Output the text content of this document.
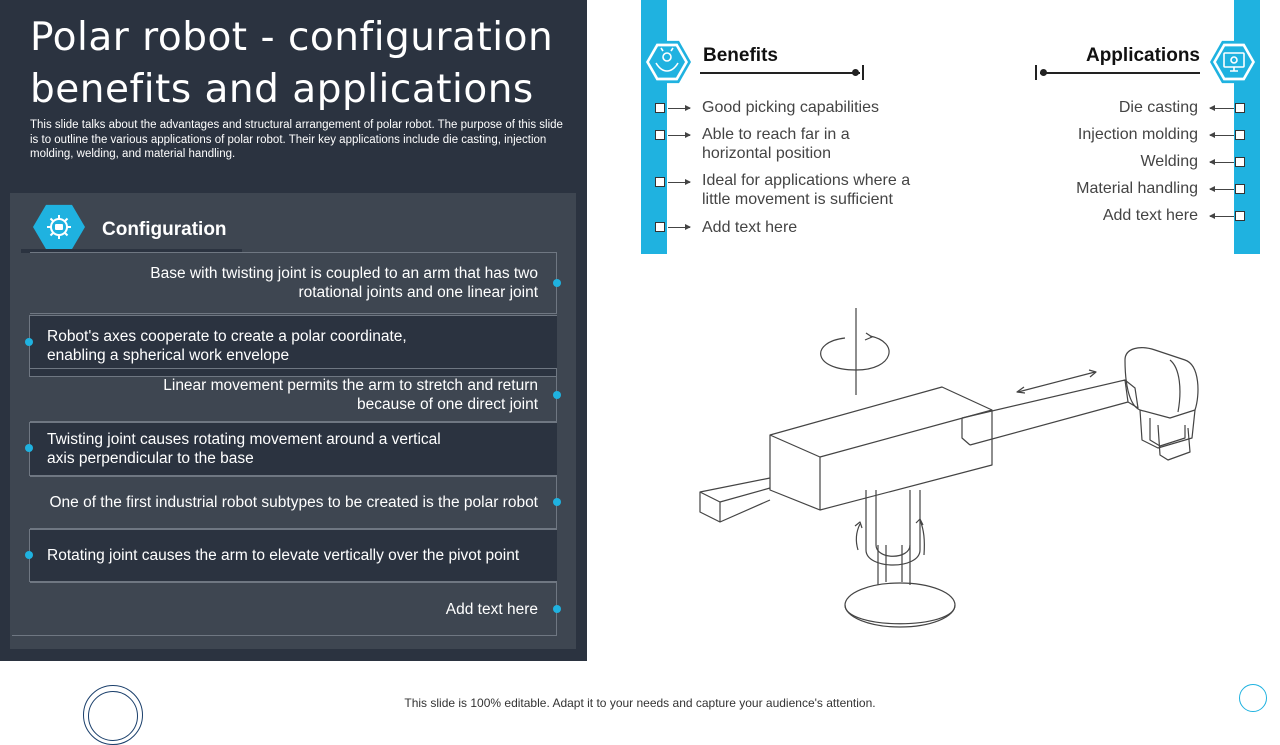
Polar robot - configuration benefits and applications
This slide talks about the advantages and structural arrangement of polar robot. The purpose of this slide is to outline the various applications of polar robot. Their key applications include die casting, injection molding, welding, and material handling.
Configuration
Base with twisting joint is coupled to an arm that has two rotational joints and one linear joint
Robot's axes cooperate to create a polar coordinate, enabling a spherical work envelope
Linear movement permits the arm to stretch and return because of one direct joint
Twisting joint causes rotating movement around a vertical axis perpendicular to the base
One of the first industrial robot subtypes to be created is the polar robot
Rotating joint causes the arm to elevate vertically over the pivot point
Add text here
Benefits
Good picking capabilities
Able to reach far in a horizontal position
Ideal for applications where a little movement is sufficient
Add text here
Applications
Die casting
Injection molding
Welding
Material handling
Add text here
This slide is 100% editable. Adapt it to your needs and capture your audience's attention.
